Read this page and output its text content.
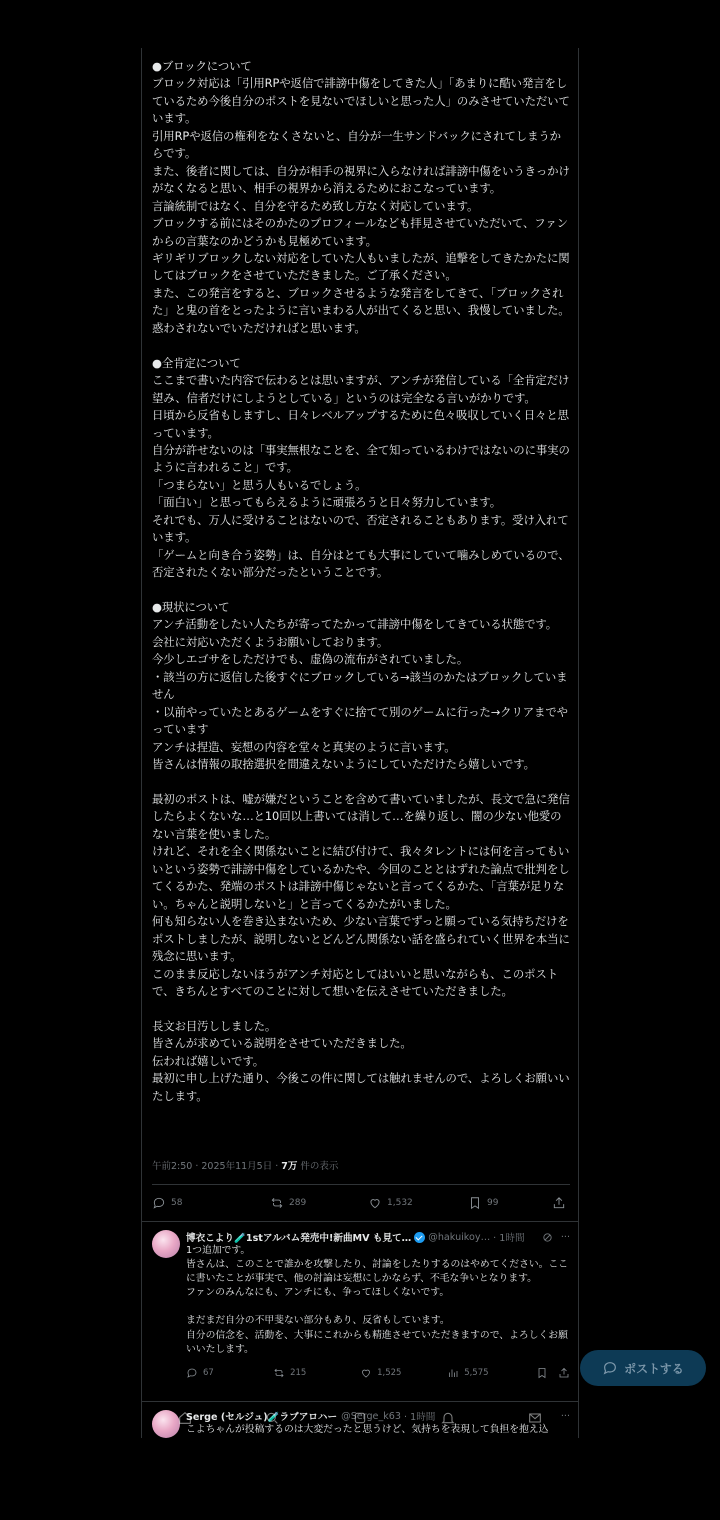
●ブロックについて

ブロック対応は「引用RPや返信で誹謗中傷をしてきた人」「あまりに酷い発言をしているため今後自分のポストを見ないでほしいと思った人」のみさせていただいています。

引用RPや返信の権利をなくさないと、自分が一生サンドバックにされてしまうからです。

また、後者に関しては、自分が相手の視界に入らなければ誹謗中傷をいうきっかけがなくなると思い、相手の視界から消えるためにおこなっています。

言論統制ではなく、自分を守るため致し方なく対応しています。

ブロックする前にはそのかたのプロフィールなども拝見させていただいて、ファンからの言葉なのかどうかも見極めています。

ギリギリブロックしない対応をしていた人もいましたが、追撃をしてきたかたに関してはブロックをさせていただきました。ご了承ください。

また、この発言をすると、ブロックさせるような発言をしてきて、「ブロックされた」と鬼の首をとったように言いまわる人が出てくると思い、我慢していました。

惑わされないでいただければと思います。

●全肯定について

ここまで書いた内容で伝わるとは思いますが、アンチが発信している「全肯定だけ望み、信者だけにしようとしている」というのは完全なる言いがかりです。

日頃から反省もしますし、日々レベルアップするために色々吸収していく日々と思っています。

自分が許せないのは「事実無根なことを、全て知っているわけではないのに事実のように言われること」です。

「つまらない」と思う人もいるでしょう。

「面白い」と思ってもらえるように頑張ろうと日々努力しています。

それでも、万人に受けることはないので、否定されることもあります。受け入れています。

「ゲームと向き合う姿勢」は、自分はとても大事にしていて噛みしめているので、否定されたくない部分だったということです。

●現状について

アンチ活動をしたい人たちが寄ってたかって誹謗中傷をしてきている状態です。

会社に対応いただくようお願いしております。

今少しエゴサをしただけでも、虚偽の流布がされていました。

・該当の方に返信した後すぐにブロックしている→該当のかたはブロックしていません

・以前やっていたとあるゲームをすぐに捨てて別のゲームに行った→クリアまでやっています

アンチは捏造、妄想の内容を堂々と真実のように言います。

皆さんは情報の取捨選択を間違えないようにしていただけたら嬉しいです。

最初のポストは、嘘が嫌だということを含めて書いていましたが、長文で急に発信したらよくないな…と10回以上書いては消して…を繰り返し、闇の少ない他愛のない言葉を使いました。

けれど、それを全く関係ないことに結び付けて、我々タレントには何を言ってもいいという姿勢で誹謗中傷をしているかたや、今回のこととはずれた論点で批判をしてくるかた、発端のポストは誹謗中傷じゃないと言ってくるかた、「言葉が足りない。ちゃんと説明しないと」と言ってくるかたがいました。

何も知らない人を巻き込まないため、少ない言葉でずっと願っている気持ちだけをポストしましたが、説明しないとどんどん関係ない話を盛られていく世界を本当に残念に思います。

このまま反応しないほうがアンチ対応としてはいいと思いながらも、このポストで、きちんとすべてのことに対して想いを伝えさせていただきました。

長文お目汚ししました。

皆さんが求めている説明をさせていただきました。

伝われば嬉しいです。

最初に申し上げた通り、今後この件に関しては触れませんので、よろしくお願いいたします。

午前2:50 · 2025年11月5日 · 7万 件の表示
58	289	1,532	99
博衣こより🧪1stアルバム発売中!新曲MV も見て… @hakuikoy… · 1時間	···

1つ追加です。

皆さんは、このことで誰かを攻撃したり、討論をしたりするのはやめてください。ここに書いたことが事実で、他の討論は妄想にしかならず、不毛な争いとなります。

ファンのみんなにも、アンチにも、争ってほしくないです。

まだまだ自分の不甲斐ない部分もあり、反省もしています。

自分の信念を、活動を、大事にこれからも精進させていただきますので、よろしくお願いいたします。

67	215	1,525	5,575
Serge (セルジュ)🧪ラブアロハー @Serge_k63 · 1時間	···

こよちゃんが投稿するのは大変だったと思うけど、気持ちを表現して負担を抱え込

ポストする
